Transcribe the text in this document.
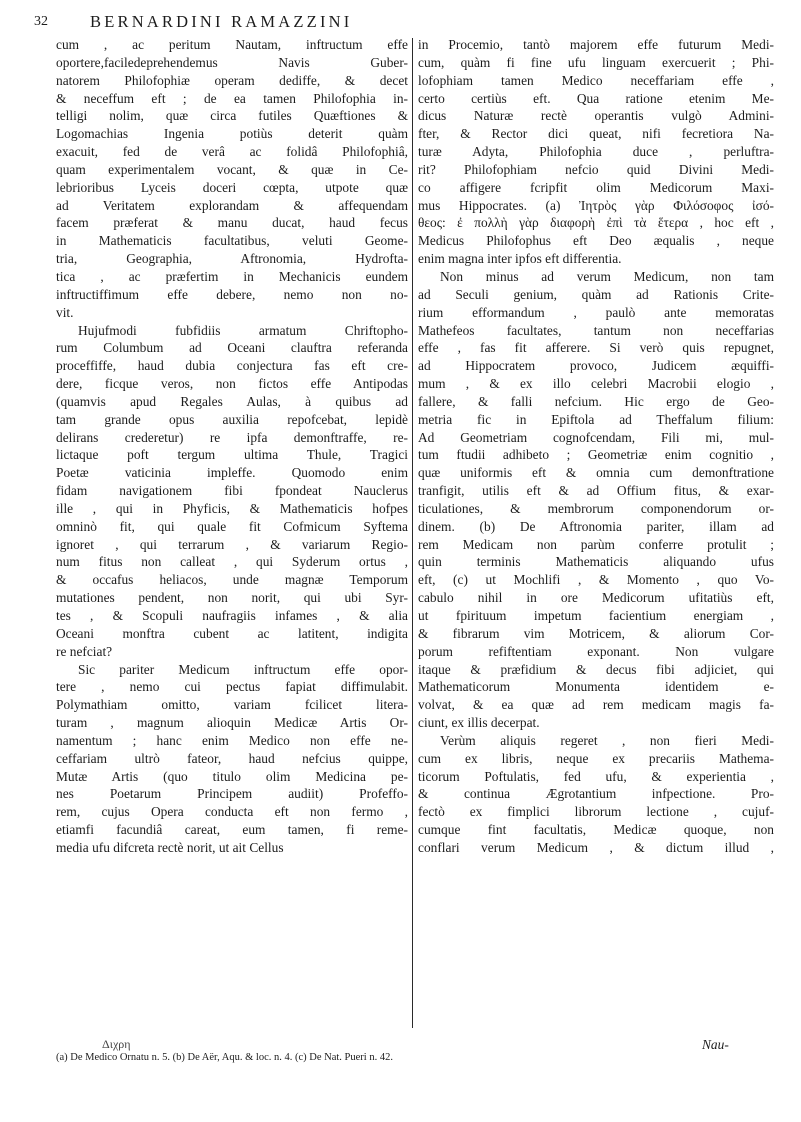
32	BERNARDINI RAMAZZINI
cum , ac peritum Nautam, inftructum effe
oportere,faciledeprehendemus Navis Guber-
natorem Philofophiæ operam dediffe, & decet
& neceffum eft ; de ea tamen Philofophia in-
telligi nolim, quæ circa futiles Quæftiones &
Logomachias Ingenia potiùs deterit quàm
exacuit, fed de verâ ac folidâ Philofophiâ,
quam experimentalem vocant, & quæ in Ce-
lebrioribus Lyceis doceri cœpta, utpote quæ
ad Veritatem explorandam & affequendam
facem præferat & manu ducat, haud fecus
in Mathematicis facultatibus, veluti Geome-
tria, Geographia, Aftronomia, Hydrofta-
tica , ac præfertim in Mechanicis eundem
inftructiffimum effe debere, nemo non no-
vit.
Hujufmodi fubfidiis armatum Chriftopho-
rum Columbum ad Oceani clauftra referanda
proceffiffe, haud dubia conjectura fas eft cre-
dere, ficque veros, non fictos effe Antipodas
(quamvis apud Regales Aulas, à quibus ad
tam grande opus auxilia repofcebat, lepidè
delirans crederetur) re ipfa demonftraffe, re-
lictaque poft tergum ultima Thule, Tragici
Poetæ vaticinia impleffe. Quomodo enim
fidam navigationem fibi fpondeat Nauclerus
ille , qui in Phyficis, & Mathematicis hofpes
omninò fit, qui quale fit Cofmicum Syftema
ignoret , qui terrarum , & variarum Regio-
num fitus non calleat , qui Syderum ortus ,
& occafus heliacos, unde magnæ Temporum
mutationes pendent, non norit, qui ubi Syr-
tes , & Scopuli naufragiis infames , & alia
Oceani monftra cubent ac latitent, indigita
re nefciat?
Sic pariter Medicum inftructum effe opor-
tere , nemo cui pectus fapiat diffimulabit.
Polymathiam omitto, variam fcilicet litera-
turam , magnum alioquin Medicæ Artis Or-
namentum ; hanc enim Medico non effe ne-
ceffariam ultrò fateor, haud nefcius quippe,
Mutæ Artis (quo titulo olim Medicina pe-
nes Poetarum Principem audiit) Profeffo-
rem, cujus Opera conducta eft non fermo ,
etiamfi facundiâ careat, eum tamen, fi reme-
media ufu difcreta rectè norit, ut ait Cellus
in Procemio, tantò majorem effe futurum Medi-
cum, quàm fi fine ufu linguam exercuerit ; Phi-
lofophiam tamen Medico neceffariam effe ,
certo certiùs eft. Qua ratione etenim Me-
dicus Naturæ rectè operantis vulgò Admini-
fter, & Rector dici queat, nifi fecretiora Na-
turæ Adyta, Philofophia duce , perluftra-
rit? Philofophiam nefcio quid Divini Medi-
co affigere fcripfit olim Medicorum Maxi-
mus Hippocrates. (a) Ἰητρὸς γὰρ Φιλόσοφος ἰσό-
θεος: ἐ πολλὴ γὰρ διαφορὴ ἐπὶ τὰ ἕτερα , hoc eft ,
Medicus Philofophus eft Deo æqualis , neque
enim magna inter ipfos eft differentia.
Non minus ad verum Medicum, non tam
ad Seculi genium, quàm ad Rationis Crite-
rium efformandum , paulò ante memoratas
Mathefeos facultates, tantum non neceffarias
effe , fas fit afferere. Si verò quis repugnet,
ad Hippocratem provoco, Judicem æquiffi-
mum , & ex illo celebri Macrobii elogio ,
fallere, & falli nefcium. Hic ergo de Geo-
metria fic in Epiftola ad Theffalum filium:
Ad Geometriam cognofcendam, Fili mi, mul-
tum ftudii adhibeto ; Geometriæ enim cognitio ,
quæ uniformis eft & omnia cum demonftratione
tranfigit, utilis eft & ad Offium fitus, & exar-
ticulationes, & membrorum componendorum or-
dinem. (b) De Aftronomia pariter, illam ad
rem Medicam non parùm conferre protulit ;
quin terminis Mathematicis aliquando ufus
eft, (c) ut Mochlifi , & Momento , quo Vo-
cabulo nihil in ore Medicorum ufitatiùs eft,
ut fpirituum impetum facientium energiam ,
& fibrarum vim Motricem, & aliorum Cor-
porum refiftentiam exponant. Non vulgare
itaque & præfidium & decus fibi adjiciet, qui
Mathematicorum Monumenta identidem e-
volvat, & ea quæ ad rem medicam magis fa-
ciunt, ex illis decerpat.
Verùm aliquis regeret , non fieri Medi-
cum ex libris, neque ex precariis Mathema-
ticorum Poftulatis, fed ufu, & experientia ,
& continua Ægrotantium infpectione. Pro-
fectò ex fimplici librorum lectione , cujuf-
cumque fint facultatis, Medicæ quoque, non
conflari verum Medicum , & dictum illud ,
Διχρη	Nau-
(a) De Medico Ornatu n. 5. (b) De Aër, Aqu. & loc. n. 4. (c) De Nat. Pueri n. 42.
